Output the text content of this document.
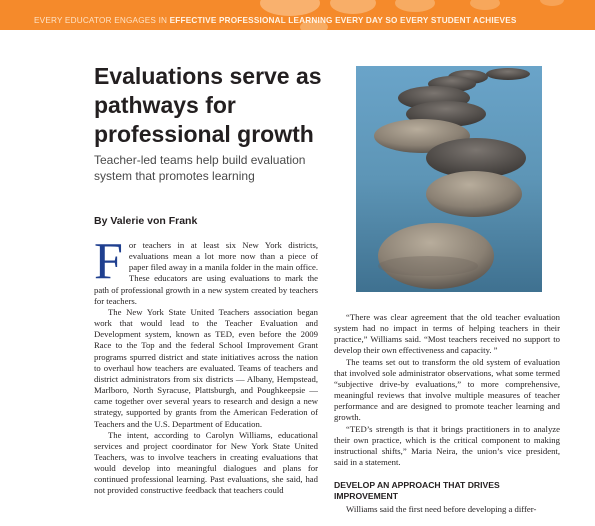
EVERY EDUCATOR ENGAGES IN EFFECTIVE PROFESSIONAL LEARNING EVERY DAY SO EVERY STUDENT ACHIEVES
Evaluations serve as pathways for professional growth
Teacher-led teams help build evaluation system that promotes learning
By Valerie von Frank

For teachers in at least six New York districts, evaluations mean a lot more now than a piece of paper filed away in a manila folder in the main office. These educators are using evaluations to mark the path of professional growth in a new system created by teachers for teachers.

The New York State United Teachers association began work that would lead to the Teacher Evaluation and Development system, known as TED, even before the 2009 Race to the Top and the federal School Improvement Grant programs spurred district and state initiatives across the nation to overhaul how teachers are evaluated. Teams of teachers and district administrators from six districts — Albany, Hempstead, Marlboro, North Syracuse, Plattsburgh, and Poughkeepsie — came together over several years to research and design a new strategy, supported by grants from the American Federation of Teachers and the U.S. Department of Education.

The intent, according to Carolyn Williams, educational services and project coordinator for New York State United Teachers, was to involve teachers in creating evaluations that would develop into meaningful dialogues and plans for continued professional learning. Past evaluations, she said, had not provided constructive feedback that teachers could

“There was clear agreement that the old teacher evaluation system had no impact in terms of helping teachers in their practice,” Williams said. “Most teachers received no support to develop their own effectiveness and capacity. ”

The teams set out to transform the old system of evaluation that involved sole administrator observations, what some termed “subjective drive-by evaluations,” to more comprehensive, meaningful reviews that involve multiple measures of teacher performance and are designed to promote teacher learning and growth.

“TED’s strength is that it brings practitioners in to analyze their own practice, which is the critical component to making instructional shifts,” Maria Neira, the union’s vice president, said in a statement.

DEVELOP AN APPROACH THAT DRIVES IMPROVEMENT

Williams said the first need before developing a differ-
